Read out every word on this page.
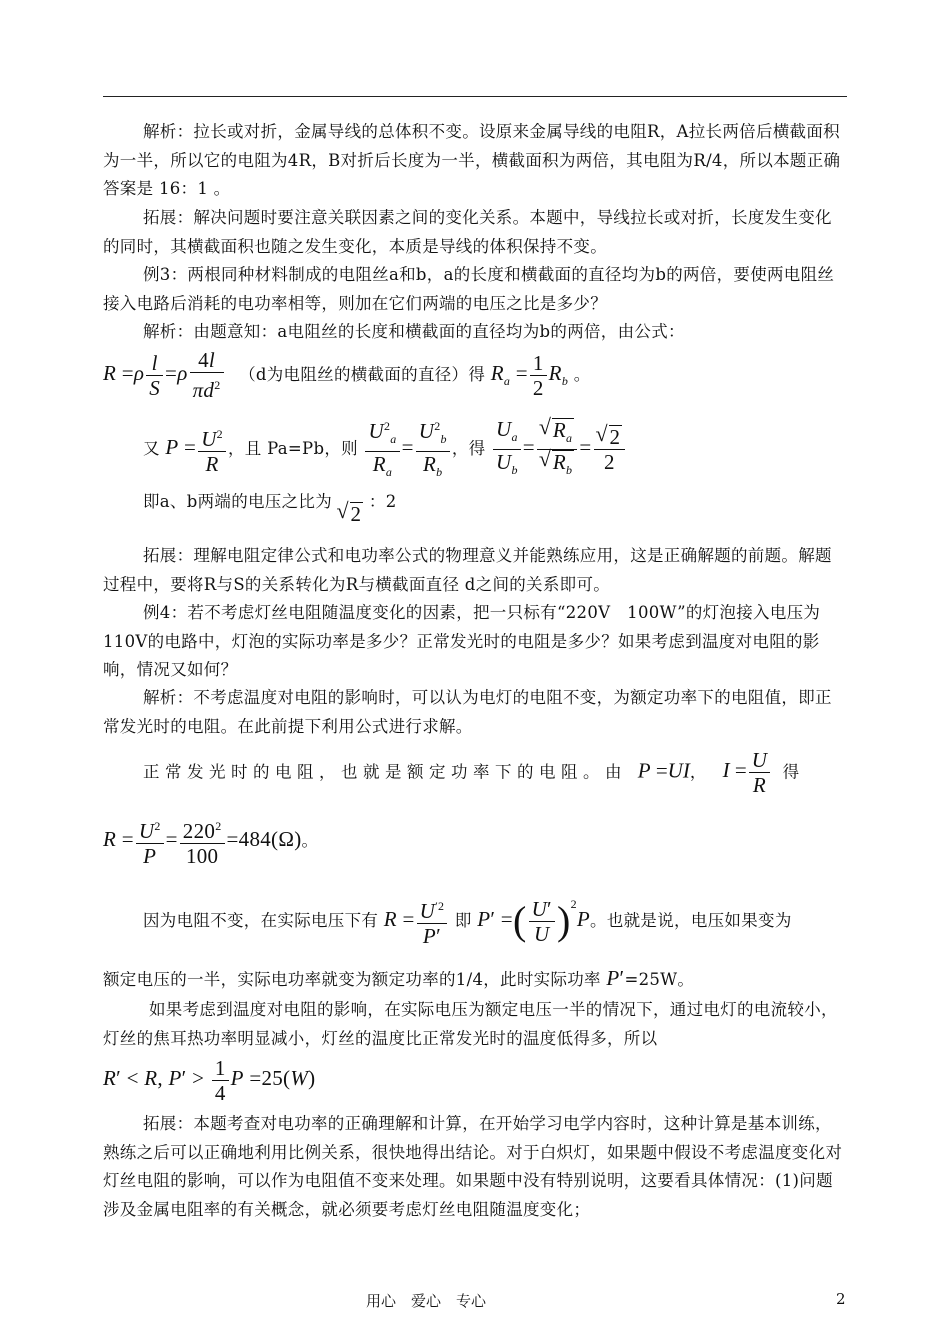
解析：拉长或对折，金属导线的总体积不变。设原来金属导线的电阻R，A拉长两倍后横截面积为一半，所以它的电阻为4R，B对折后长度为一半，横截面积为两倍，其电阻为R/4，所以本题正确答案是 16：1 。
拓展：解决问题时要注意关联因素之间的变化关系。本题中，导线拉长或对折，长度发生变化的同时，其横截面积也随之发生变化，本质是导线的体积保持不变。
例3：两根同种材料制成的电阻丝a和b，a的长度和横截面的直径均为b的两倍，要使两电阻丝接入电路后消耗的电功率相等，则加在它们两端的电压之比是多少？
解析：由题意知：a电阻丝的长度和横截面的直径均为b的两倍，由公式：
$R =\rho \frac{l}{S} =\rho \frac{4l}{\pi d^2} (d$为电阻丝的横截面的直径）得 $R_a = \frac{1}{2} R_b$ 。
又 $P = \frac{U^2}{R}$ ，且 Pa=Pb，则 $\frac{U^2_a}{R_a} = \frac{U^2_b}{R_b}$ ，得 $\frac{U_a}{U_b}$ = √ $R_a$
√ $R_b$ = √ $\frac{2}{2}$
即a、b两端的电压之比为 √ 2 ：2
拓展：理解电阻定律公式和电功率公式的物理意义并能熟练应用，这是正确解题的前题。解题过程中，要将R与S的关系转化为R与横截面直径 d之间的关系即可。
例4：若不考虑灯丝电阻随温度变化的因素，把一只标有“220V　100W”的灯泡接入电压为110V的电路中，灯泡的实际功率是多少？正常发光时的电阻是多少？如果考虑到温度对电阻的影响，情况又如何？
解析：不考虑温度对电阻的影响时，可以认为电灯的电阻不变，为额定功率下的电阻值，即正常发光时的电阻。在此前提下利用公式进行求解。
正常发光时的电阻，也就是额定功率下的电阻。由 P =UI， $I = \frac{U}{R}$ 得
$R = \frac{U^2}{P} = \frac{220^2}{100} =484(\Omega)$。
因为电阻不变，在实际电压下有 $R = \frac{U^{'2}}{P'}$ 即 P′ =( $\frac{U'}{U} )^2P$。也就是说，电压如果变为
额定电压的一半，实际电功率就变为额定功率的1/4，此时实际功率 P′=25W。
如果考虑到温度对电阻的影响，在实际电压为额定电压一半的情况下，通过电灯的电流较小，灯丝的焦耳热功率明显减小，灯丝的温度比正常发光时的温度低得多，所以
R′ < R, $P' > \frac{1}{4}$ P =25(W)
拓展：本题考查对电功率的正确理解和计算，在开始学习电学内容时，这种计算是基本训练，熟练之后可以正确地利用比例关系，很快地得出结论。对于白炽灯，如果题中假设不考虑温度变化对灯丝电阻的影响，可以作为电阻值不变来处理。如果题中没有特别说明，这要看具体情况：(1)问题涉及金属电阻率的有关概念，就必须要考虑灯丝电阻随温度变化；
用心　爱心　专心	2
